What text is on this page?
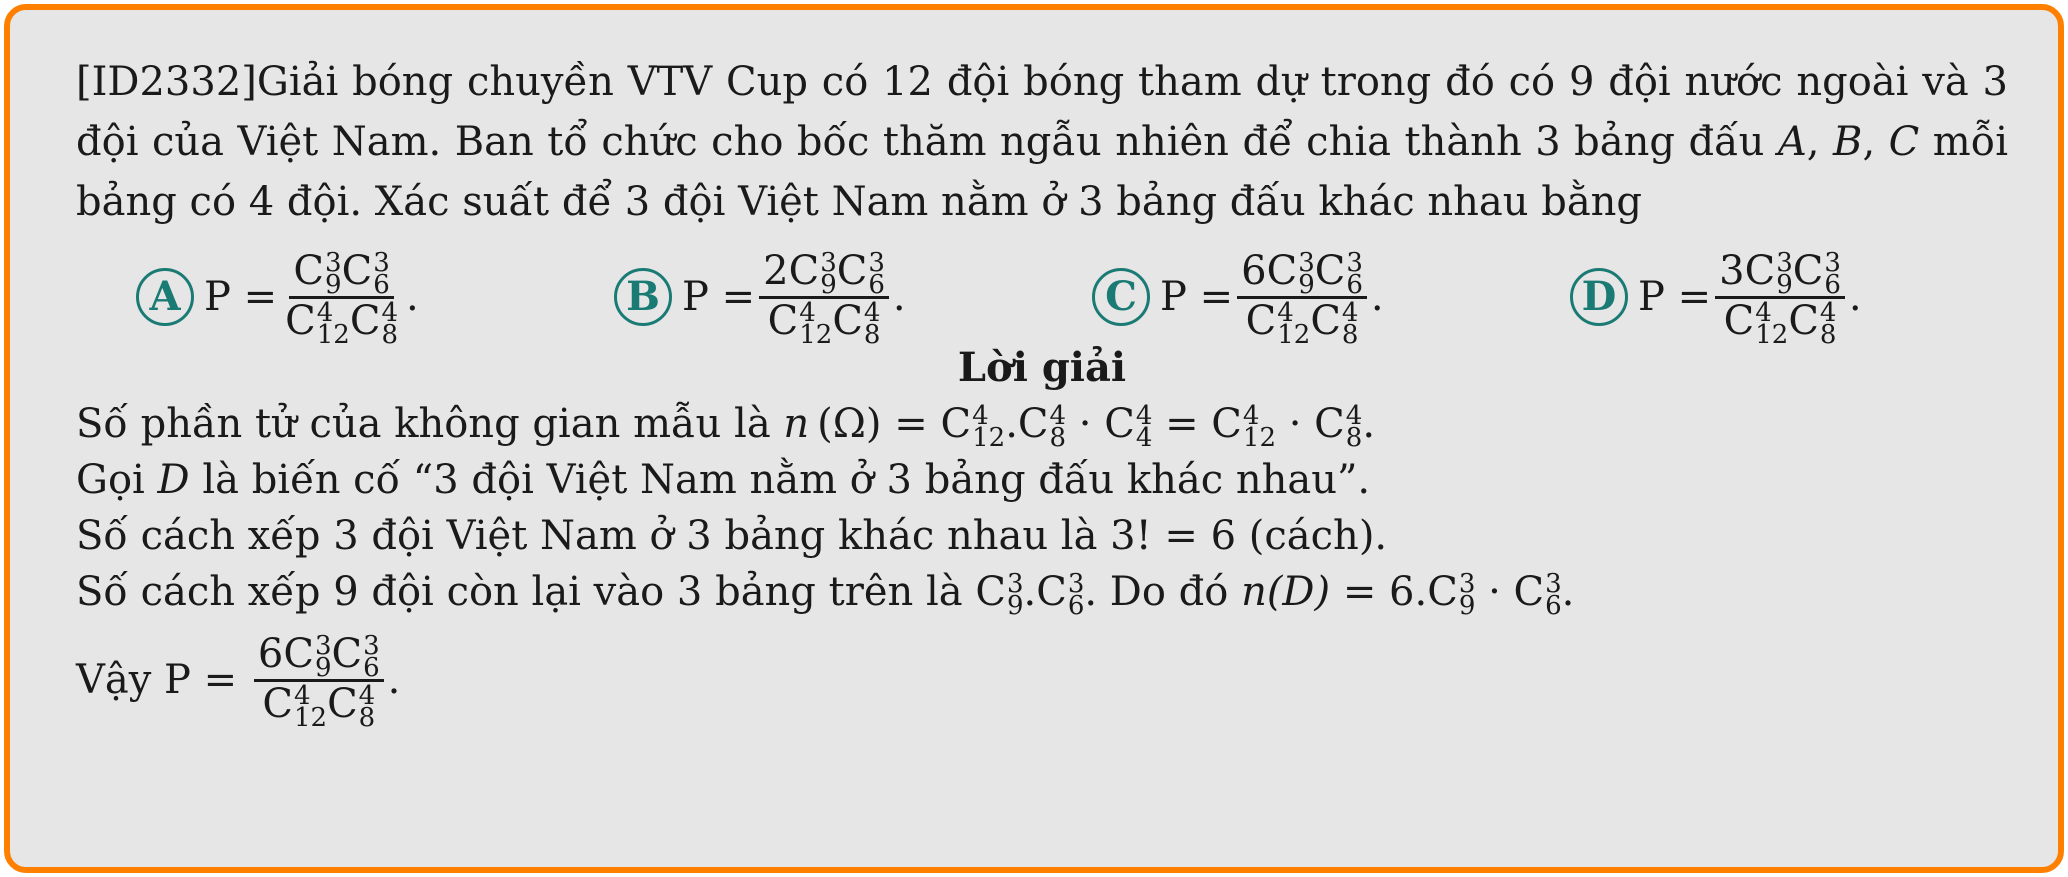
[ID2332]Giải bóng chuyền VTV Cup có 12 đội bóng tham dự trong đó có 9 đội nước ngoài và 3 đội của Việt Nam. Ban tổ chức cho bốc thăm ngẫu nhiên để chia thành 3 bảng đấu A, B, C mỗi bảng có 4 đội. Xác suất để 3 đội Việt Nam nằm ở 3 bảng đấu khác nhau bằng

A P = C 3
9 C 3
6
C 4
12 C 4
8 .	B P = 2C 3
9 C 3
6
C 4
12 C 4
8 .	C P = 6C 3
9 C 3
6
C 4
12 C 4
8 .	D P = 3C 3
9 C 3
6
C 4
12 C 4
8 .
Lời giải

Số phần tử của không gian mẫu là n  (Ω) = C 4
12 .C 4
8 · C 4
4 = C 4
12 · C 4
8 .

Gọi D là biến cố “3 đội Việt Nam nằm ở 3 bảng đấu khác nhau”.

Số cách xếp 3 đội Việt Nam ở 3 bảng khác nhau là 3! = 6 (cách).

Số cách xếp 9 đội còn lại vào 3 bảng trên là C 3
9 .C 3
6 . Do đó n(D) = 6.C 3
9 · C 3
6 .

Vậy P = 6C 3
9 C 3
6
C 4
12 C 4
8 .
